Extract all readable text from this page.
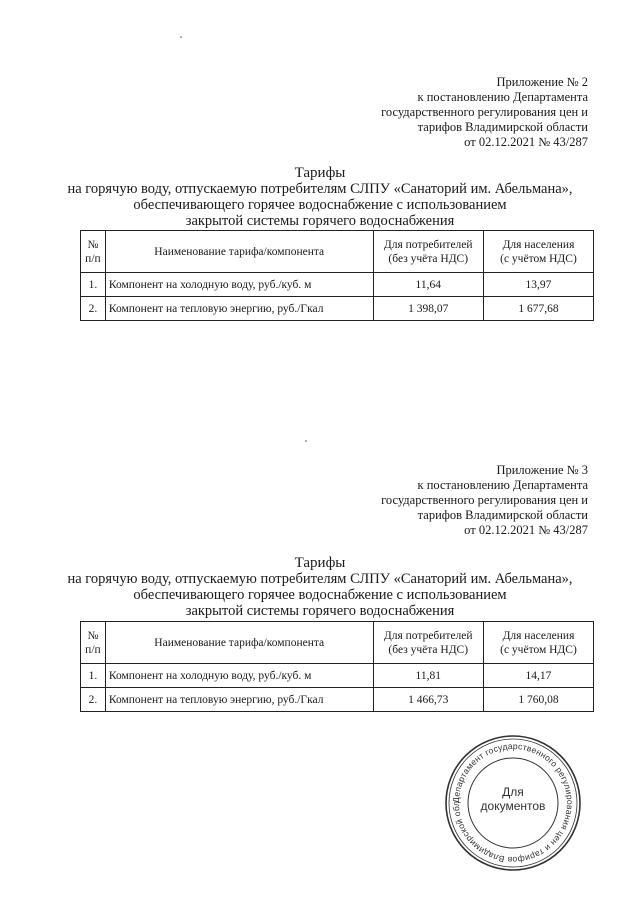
Приложение № 2
к постановлению Департамента
государственного регулирования цен и
тарифов Владимирской области
от 02.12.2021 № 43/287
Тарифы
на горячую воду, отпускаемую потребителям СЛПУ «Санаторий им. Абельмана»,
обеспечивающего горячее водоснабжение с использованием
закрытой системы горячего водоснабжения
№
п/п	Наименование тарифа/компонента	Для потребителей
(без учёта НДС)	Для населения
(с учётом НДС)
1.	Компонент на холодную воду, руб./куб. м	11,64	13,97
2.	Компонент на тепловую энергию, руб./Гкал	1 398,07	1 677,68
Приложение № 3
к постановлению Департамента
государственного регулирования цен и
тарифов Владимирской области
от 02.12.2021 № 43/287
Тарифы
на горячую воду, отпускаемую потребителям СЛПУ «Санаторий им. Абельмана»,
обеспечивающего горячее водоснабжение с использованием
закрытой системы горячего водоснабжения
№
п/п	Наименование тарифа/компонента	Для потребителей
(без учёта НДС)	Для населения
(с учётом НДС)
1.	Компонент на холодную воду, руб./куб. м	11,81	14,17
2.	Компонент на тепловую энергию, руб./Гкал	1 466,73	1 760,08
Департамент государственного регулирования цен и тарифов Владимирской обл
Для
документов
